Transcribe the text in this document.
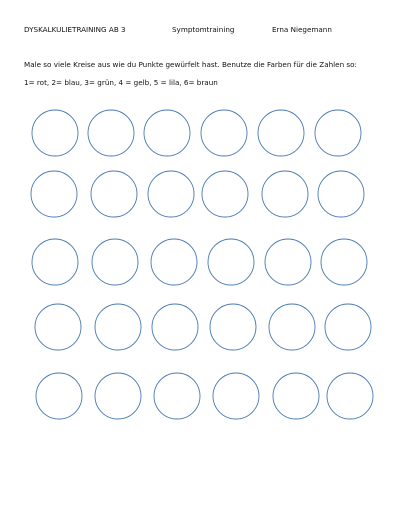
DYSKALKULIETRAINING AB 3	Symptomtraining	Erna Niegemann
Male so viele Kreise aus wie du Punkte gewürfelt hast. Benutze die Farben für die Zahlen so:
1= rot, 2= blau, 3= grün, 4 = gelb, 5 = lila, 6= braun
